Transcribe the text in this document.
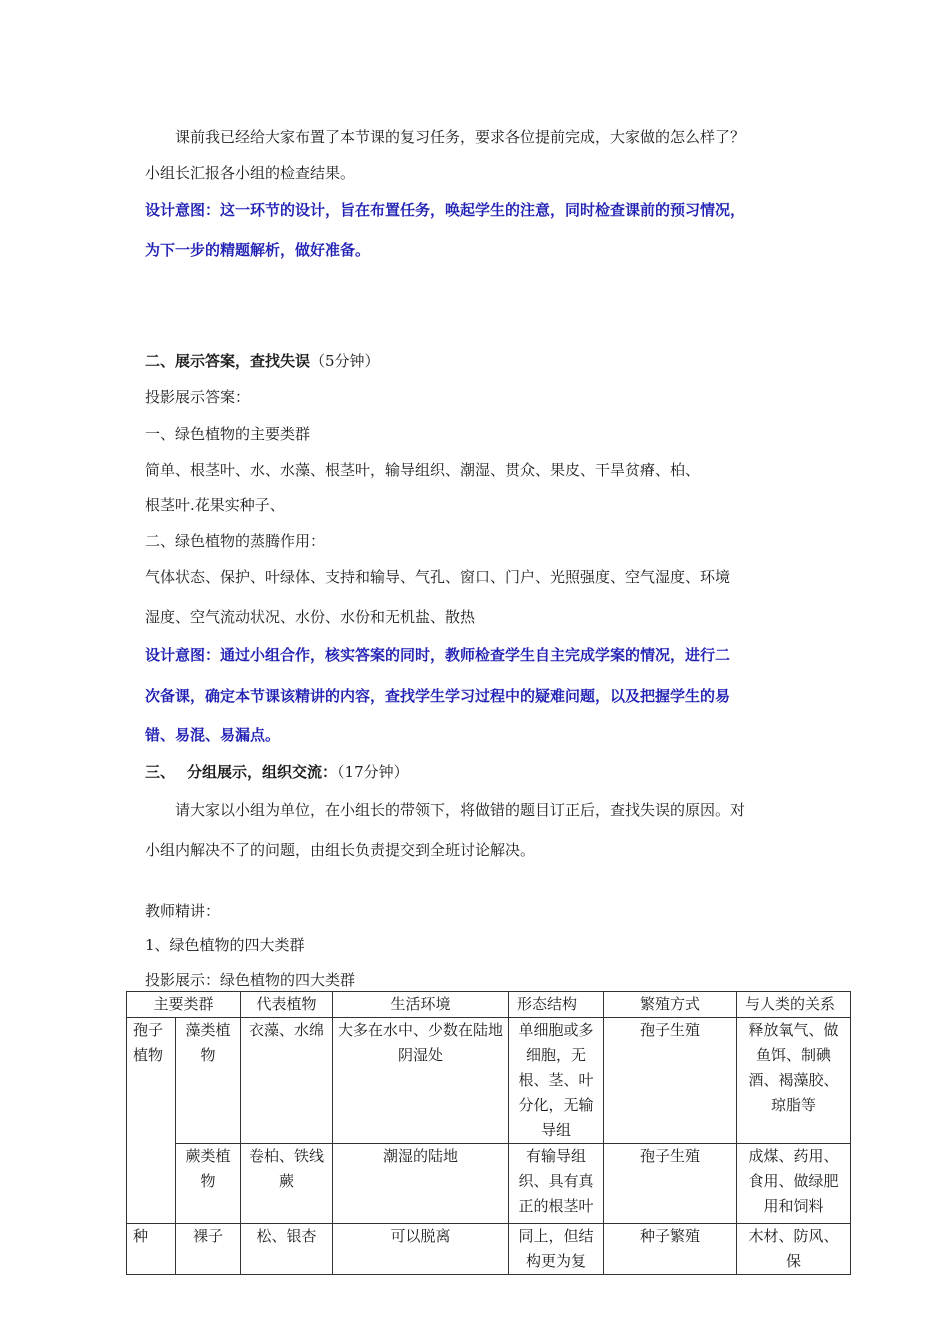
课前我已经给大家布置了本节课的复习任务，要求各位提前完成，大家做的怎么样了？
小组长汇报各小组的检查结果。
设计意图：这一环节的设计，旨在布置任务，唤起学生的注意，同时检查课前的预习情况，
为下一步的精题解析，做好准备。
二、展示答案，查找失误（5分钟）
投影展示答案：
一、绿色植物的主要类群
简单、根茎叶、水、水藻、根茎叶，输导组织、潮湿、贯众、果皮、干旱贫瘠、柏、
根茎叶.花果实种子、
二、绿色植物的蒸腾作用：
气体状态、保护、叶绿体、支持和输导、气孔、窗口、门户、光照强度、空气湿度、环境
湿度、空气流动状况、水份、水份和无机盐、散热
设计意图：通过小组合作，核实答案的同时，教师检查学生自主完成学案的情况，进行二
次备课，确定本节课该精讲的内容，查找学生学习过程中的疑难问题，以及把握学生的易
错、易混、易漏点。
三、 分组展示，组织交流：（17分钟）
请大家以小组为单位，在小组长的带领下，将做错的题目订正后，查找失误的原因。对
小组内解决不了的问题，由组长负责提交到全班讨论解决。
教师精讲：
1、绿色植物的四大类群
投影展示：绿色植物的四大类群
主要类群		代表植物	生活环境	形态结构	繁殖方式	与人类的关系
孢子植物	藻类植物	衣藻、水绵	大多在水中、少数在陆地阴湿处	单细胞或多细胞，无根、茎、叶分化，无输导组	孢子生殖	释放氧气、做鱼饵、制碘酒、褐藻胶、琼脂等
	蕨类植物	卷柏、铁线蕨	潮湿的陆地	有输导组织、具有真正的根茎叶	孢子生殖	成煤、药用、食用、做绿肥用和饲料
种	裸子	松、银杏	可以脱离	同上，但结构更为复	种子繁殖	木材、防风、保
